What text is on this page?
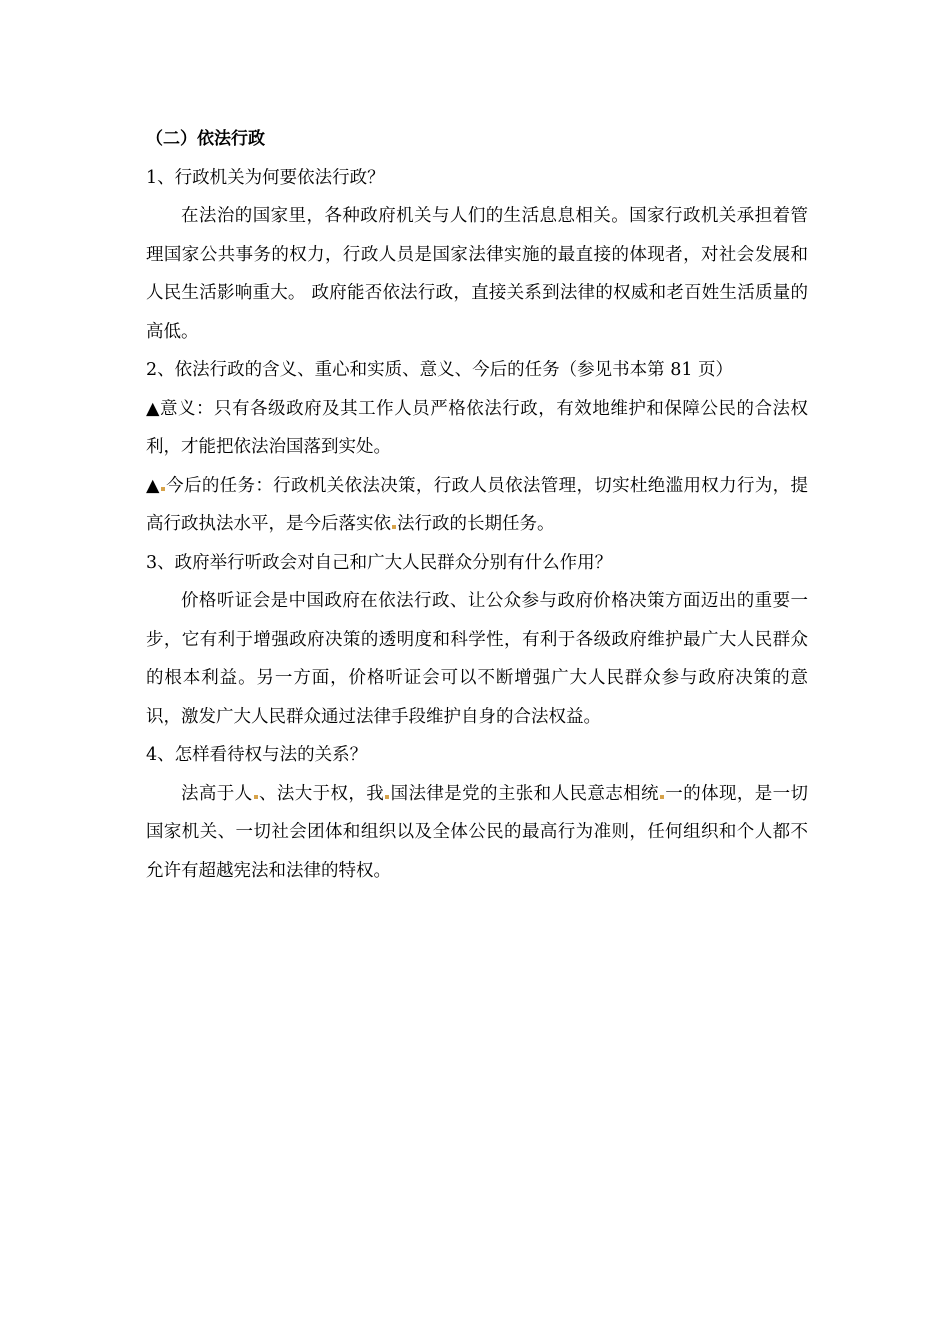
（二）依法行政

1、行政机关为何要依法行政？

在法治的国家里，各种政府机关与人们的生活息息相关。国家行政机关承担着管理国家公共事务的权力，行政人员是国家法律实施的最直接的体现者，对社会发展和人民生活影响重大。 政府能否依法行政，直接关系到法律的权威和老百姓生活质量的高低。

2、依法行政的含义、重心和实质、意义、今后的任务（参见书本第 81 页）

▲意义：只有各级政府及其工作人员严格依法行政，有效地维护和保障公民的合法权利，才能把依法治国落到实处。

▲ 今后的任务：行政机关依法决策，行政人员依法管理，切实杜绝滥用权力行为，提高行政执法水平，是今后落实依 法行政的长期任务。

3、政府举行听政会对自己和广大人民群众分别有什么作用？

价格听证会是中国政府在依法行政、让公众参与政府价格决策方面迈出的重要一步，它有利于增强政府决策的透明度和科学性，有利于各级政府维护最广大人民群众的根本利益。另一方面，价格听证会可以不断增强广大人民群众参与政府决策的意识，激发广大人民群众通过法律手段维护自身的合法权益。

4、怎样看待权与法的关系？

法高于人 、法大于权，我 国法律是党的主张和人民意志相统 一的体现，是一切国家机关、一切社会团体和组织以及全体公民的最高行为准则，任何组织和个人都不允许有超越宪法和法律的特权。
